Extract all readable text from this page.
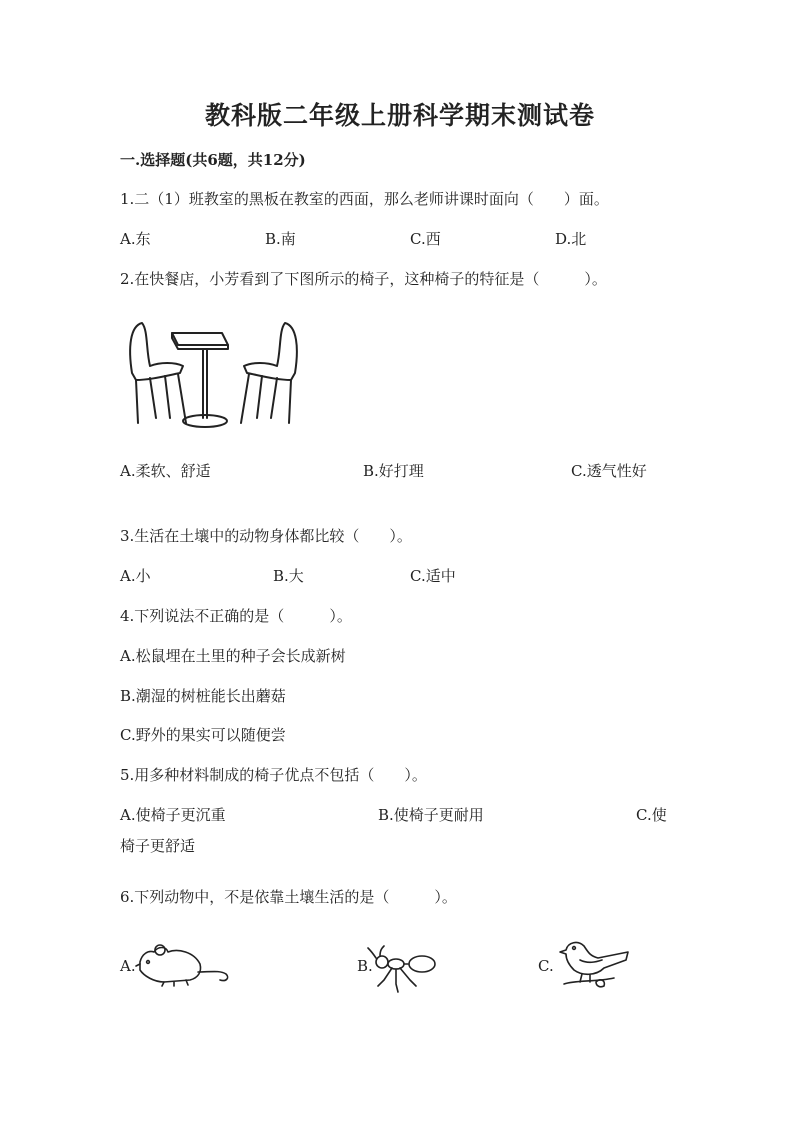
教科版二年级上册科学期末测试卷
一.选择题(共6题，共12分)
1.二（1）班教室的黑板在教室的西面，那么老师讲课时面向（　　）面。
A.东	B.南	C.西	D.北
2.在快餐店，小芳看到了下图所示的椅子，这种椅子的特征是（　　　）。
A.柔软、舒适	B.好打理	C.透气性好
3.生活在土壤中的动物身体都比较（　　）。
A.小	B.大	C.适中
4.下列说法不正确的是（　　　）。
A.松鼠埋在土里的种子会长成新树
B.潮湿的树桩能长出蘑菇
C.野外的果实可以随便尝
5.用多种材料制成的椅子优点不包括（　　）。
A.使椅子更沉重	B.使椅子更耐用	C.使
椅子更舒适
6.下列动物中，不是依靠土壤生活的是（　　　）。
A.	B.	C.
